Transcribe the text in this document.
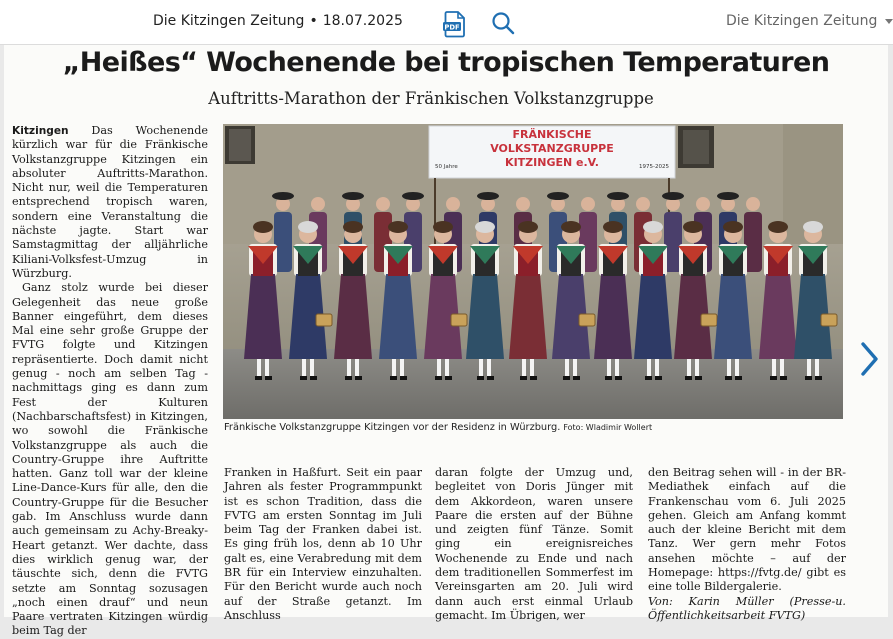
Die Kitzingen Zeitung • 18.07.2025	PDF	Die Kitzingen Zeitung
„Heißes“ Wochenende bei tropischen Temperaturen
Auftritts-Marathon der Fränkischen Volkstanzgruppe

Kitzingen Das Wochenende kürzlich war für die Fränkische Volkstanzgruppe Kitzingen ein absoluter Auftritts-Marathon. Nicht nur, weil die Temperaturen entsprechend tropisch waren, sondern eine Veranstaltung die nächste jagte. Start war Samstagmittag der alljährliche Kiliani-Volksfest-Umzug in Würzburg.

Ganz stolz wurde bei dieser Gelegenheit das neue große Banner eingeführt, dem dieses Mal eine sehr große Gruppe der FVTG folgte und Kitzingen repräsentierte. Doch damit nicht genug - noch am selben Tag - nachmittags ging es dann zum Fest der Kulturen (Nachbarschaftsfest) in Kitzingen, wo sowohl die Fränkische Volkstanzgruppe als auch die Country-Gruppe ihre Auftritte hatten. Ganz toll war der kleine Line-Dance-Kurs für alle, den die Country-Gruppe für die Besucher gab. Im Anschluss wurde dann auch gemeinsam zu Achy-Breaky-Heart getanzt. Wer dachte, dass dies wirklich genug war, der täuschte sich, denn die FVTG setzte am Sonntag sozusagen „noch einen drauf“ und neun Paare vertraten Kitzingen würdig beim Tag der

FRÄNKISCHE
VOLKSTANZGRUPPE
KITZINGEN e.V.
50 Jahre	1975-2025
Fränkische Volkstanzgruppe Kitzingen vor der Residenz in Würzburg. Foto: Wladimir Wollert

Franken in Haßfurt. Seit ein paar Jahren als fester Programmpunkt ist es schon Tradition, dass die FVTG am ersten Sonntag im Juli beim Tag der Franken dabei ist. Es ging früh los, denn ab 10 Uhr galt es, eine Verabredung mit dem BR für ein Interview einzuhalten. Für den Bericht wurde auch noch auf der Straße getanzt. Im Anschluss

daran folgte der Umzug und, begleitet von Doris Jünger mit dem Akkordeon, waren unsere Paare die ersten auf der Bühne und zeigten fünf Tänze. Somit ging ein ereignisreiches Wochenende zu Ende und nach dem traditionellen Sommerfest im Vereinsgarten am 20. Juli wird dann auch erst einmal Urlaub gemacht. Im Übrigen, wer

den Beitrag sehen will - in der BR-Mediathek einfach auf die Frankenschau vom 6. Juli 2025 gehen. Gleich am Anfang kommt auch der kleine Bericht mit dem Tanz. Wer gern mehr Fotos ansehen möchte – auf der Homepage: https://fvtg.de/ gibt es eine tolle Bildergalerie.

Von: Karin Müller (Presse-u. Öffentlichkeitsarbeit FVTG)
